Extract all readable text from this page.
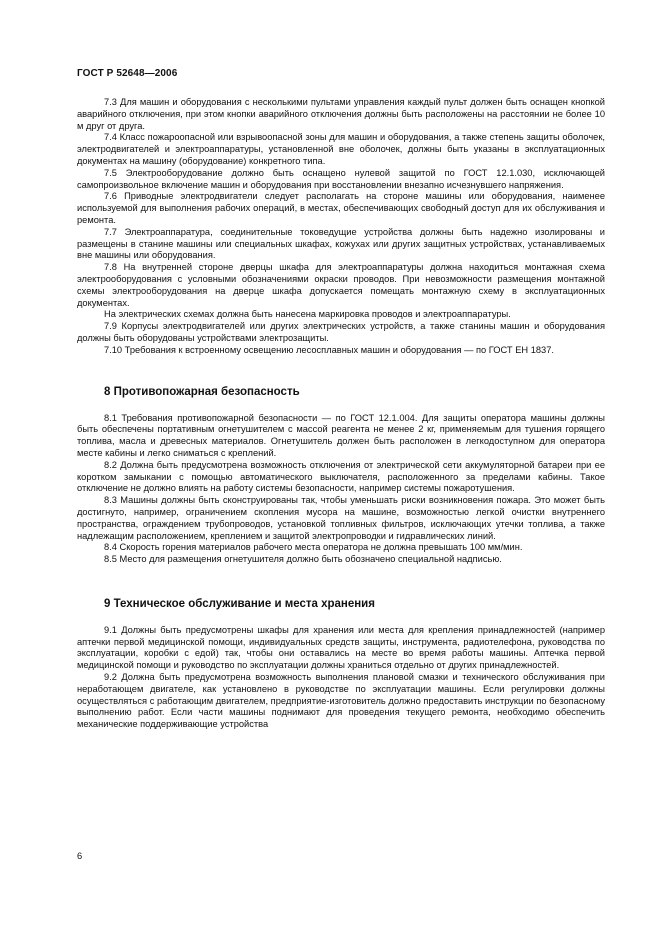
ГОСТ Р 52648—2006

7.3 Для машин и оборудования с несколькими пультами управления каждый пульт должен быть оснащен кнопкой аварийного отключения, при этом кнопки аварийного отключения должны быть расположены на расстоянии не более 10 м друг от друга.

7.4 Класс пожароопасной или взрывоопасной зоны для машин и оборудования, а также степень защиты оболочек, электродвигателей и электроаппаратуры, установленной вне оболочек, должны быть указаны в эксплуатационных документах на машину (оборудование) конкретного типа.

7.5 Электрооборудование должно быть оснащено нулевой защитой по ГОСТ 12.1.030, исключающей самопроизвольное включение машин и оборудования при восстановлении внезапно исчезнувшего напряжения.

7.6 Приводные электродвигатели следует располагать на стороне машины или оборудования, наименее используемой для выполнения рабочих операций, в местах, обеспечивающих свободный доступ для их обслуживания и ремонта.

7.7 Электроаппаратура, соединительные токоведущие устройства должны быть надежно изолированы и размещены в станине машины или специальных шкафах, кожухах или других защитных устройствах, устанавливаемых вне машины или оборудования.

7.8 На внутренней стороне дверцы шкафа для электроаппаратуры должна находиться монтажная схема электрооборудования с условными обозначениями окраски проводов. При невозможности размещения монтажной схемы электрооборудования на дверце шкафа допускается помещать монтажную схему в эксплуатационных документах.

На электрических схемах должна быть нанесена маркировка проводов и электроаппаратуры.

7.9 Корпусы электродвигателей или других электрических устройств, а также станины машин и оборудования должны быть оборудованы устройствами электрозащиты.

7.10 Требования к встроенному освещению лесосплавных машин и оборудования — по ГОСТ ЕН 1837.

8 Противопожарная безопасность

8.1 Требования противопожарной безопасности — по ГОСТ 12.1.004. Для защиты оператора машины должны быть обеспечены портативным огнетушителем с массой реагента не менее 2 кг, применяемым для тушения горящего топлива, масла и древесных материалов. Огнетушитель должен быть расположен в легкодоступном для оператора месте кабины и легко сниматься с креплений.

8.2 Должна быть предусмотрена возможность отключения от электрической сети аккумуляторной батареи при ее коротком замыкании с помощью автоматического выключателя, расположенного за пределами кабины. Такое отключение не должно влиять на работу системы безопасности, например системы пожаротушения.

8.3 Машины должны быть сконструированы так, чтобы уменьшать риски возникновения пожара. Это может быть достигнуто, например, ограничением скопления мусора на машине, возможностью легкой очистки внутреннего пространства, ограждением трубопроводов, установкой топливных фильтров, исключающих утечки топлива, а также надлежащим расположением, креплением и защитой электропроводки и гидравлических линий.

8.4 Скорость горения материалов рабочего места оператора не должна превышать 100 мм/мин.

8.5 Место для размещения огнетушителя должно быть обозначено специальной надписью.

9 Техническое обслуживание и места хранения

9.1 Должны быть предусмотрены шкафы для хранения или места для крепления принадлежностей (например аптечки первой медицинской помощи, индивидуальных средств защиты, инструмента, радиотелефона, руководства по эксплуатации, коробки с едой) так, чтобы они оставались на месте во время работы машины. Аптечка первой медицинской помощи и руководство по эксплуатации должны храниться отдельно от других принадлежностей.

9.2 Должна быть предусмотрена возможность выполнения плановой смазки и технического обслуживания при неработающем двигателе, как установлено в руководстве по эксплуатации машины. Если регулировки должны осуществляться с работающим двигателем, предприятие-изготовитель должно предоставить инструкции по безопасному выполнению работ. Если части машины поднимают для проведения текущего ремонта, необходимо обеспечить механические поддерживающие устройства

6
